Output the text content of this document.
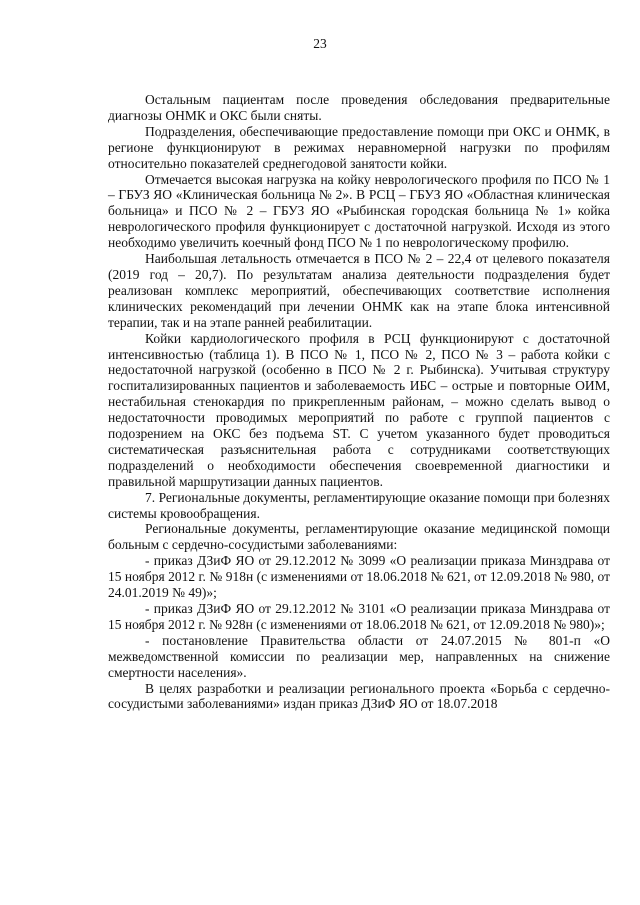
23

Остальным пациентам после проведения обследования предварительные диагнозы ОНМК и ОКС были сняты.

Подразделения, обеспечивающие предоставление помощи при ОКС и ОНМК, в регионе функционируют в режимах неравномерной нагрузки по профилям относительно показателей среднегодовой занятости койки.

Отмечается высокая нагрузка на койку неврологического профиля по ПСО № 1 – ГБУЗ ЯО «Клиническая больница № 2». В РСЦ – ГБУЗ ЯО «Областная клиническая больница» и ПСО № 2 – ГБУЗ ЯО «Рыбинская городская больница № 1» койка неврологического профиля функционирует с достаточной нагрузкой. Исходя из этого необходимо увеличить коечный фонд ПСО № 1 по неврологическому профилю.

Наибольшая летальность отмечается в ПСО № 2 – 22,4 от целевого показателя (2019 год – 20,7). По результатам анализа деятельности подразделения будет реализован комплекс мероприятий, обеспечивающих соответствие исполнения клинических рекомендаций при лечении ОНМК как на этапе блока интенсивной терапии, так и на этапе ранней реабилитации.

Койки кардиологического профиля в РСЦ функционируют с достаточной интенсивностью (таблица 1). В ПСО № 1, ПСО № 2, ПСО № 3 – работа койки с недостаточной нагрузкой (особенно в ПСО № 2 г. Рыбинска). Учитывая структуру госпитализированных пациентов и заболеваемость ИБС – острые и повторные ОИМ, нестабильная стенокардия по прикрепленным районам, – можно сделать вывод о недостаточности проводимых мероприятий по работе с группой пациентов с подозрением на ОКС без подъема ST. С учетом указанного будет проводиться систематическая разъяснительная работа с сотрудниками соответствующих подразделений о необходимости обеспечения своевременной диагностики и правильной маршрутизации данных пациентов.

7. Региональные документы, регламентирующие оказание помощи при болезнях системы кровообращения.

Региональные документы, регламентирующие оказание медицинской помощи больным с сердечно-сосудистыми заболеваниями:

- приказ ДЗиФ ЯО от 29.12.2012 № 3099 «О реализации приказа Минздрава от 15 ноября 2012 г. № 918н (с изменениями от 18.06.2018 № 621, от 12.09.2018 № 980, от 24.01.2019 № 49)»;

- приказ ДЗиФ ЯО от 29.12.2012 № 3101 «О реализации приказа Минздрава от 15 ноября 2012 г. № 928н (с изменениями от 18.06.2018 № 621, от 12.09.2018 № 980)»;

- постановление Правительства области от 24.07.2015 № 801-п «О межведомственной комиссии по реализации мер, направленных на снижение смертности населения».

В целях разработки и реализации регионального проекта «Борьба с сердечно-сосудистыми заболеваниями» издан приказ ДЗиФ ЯО от 18.07.2018
